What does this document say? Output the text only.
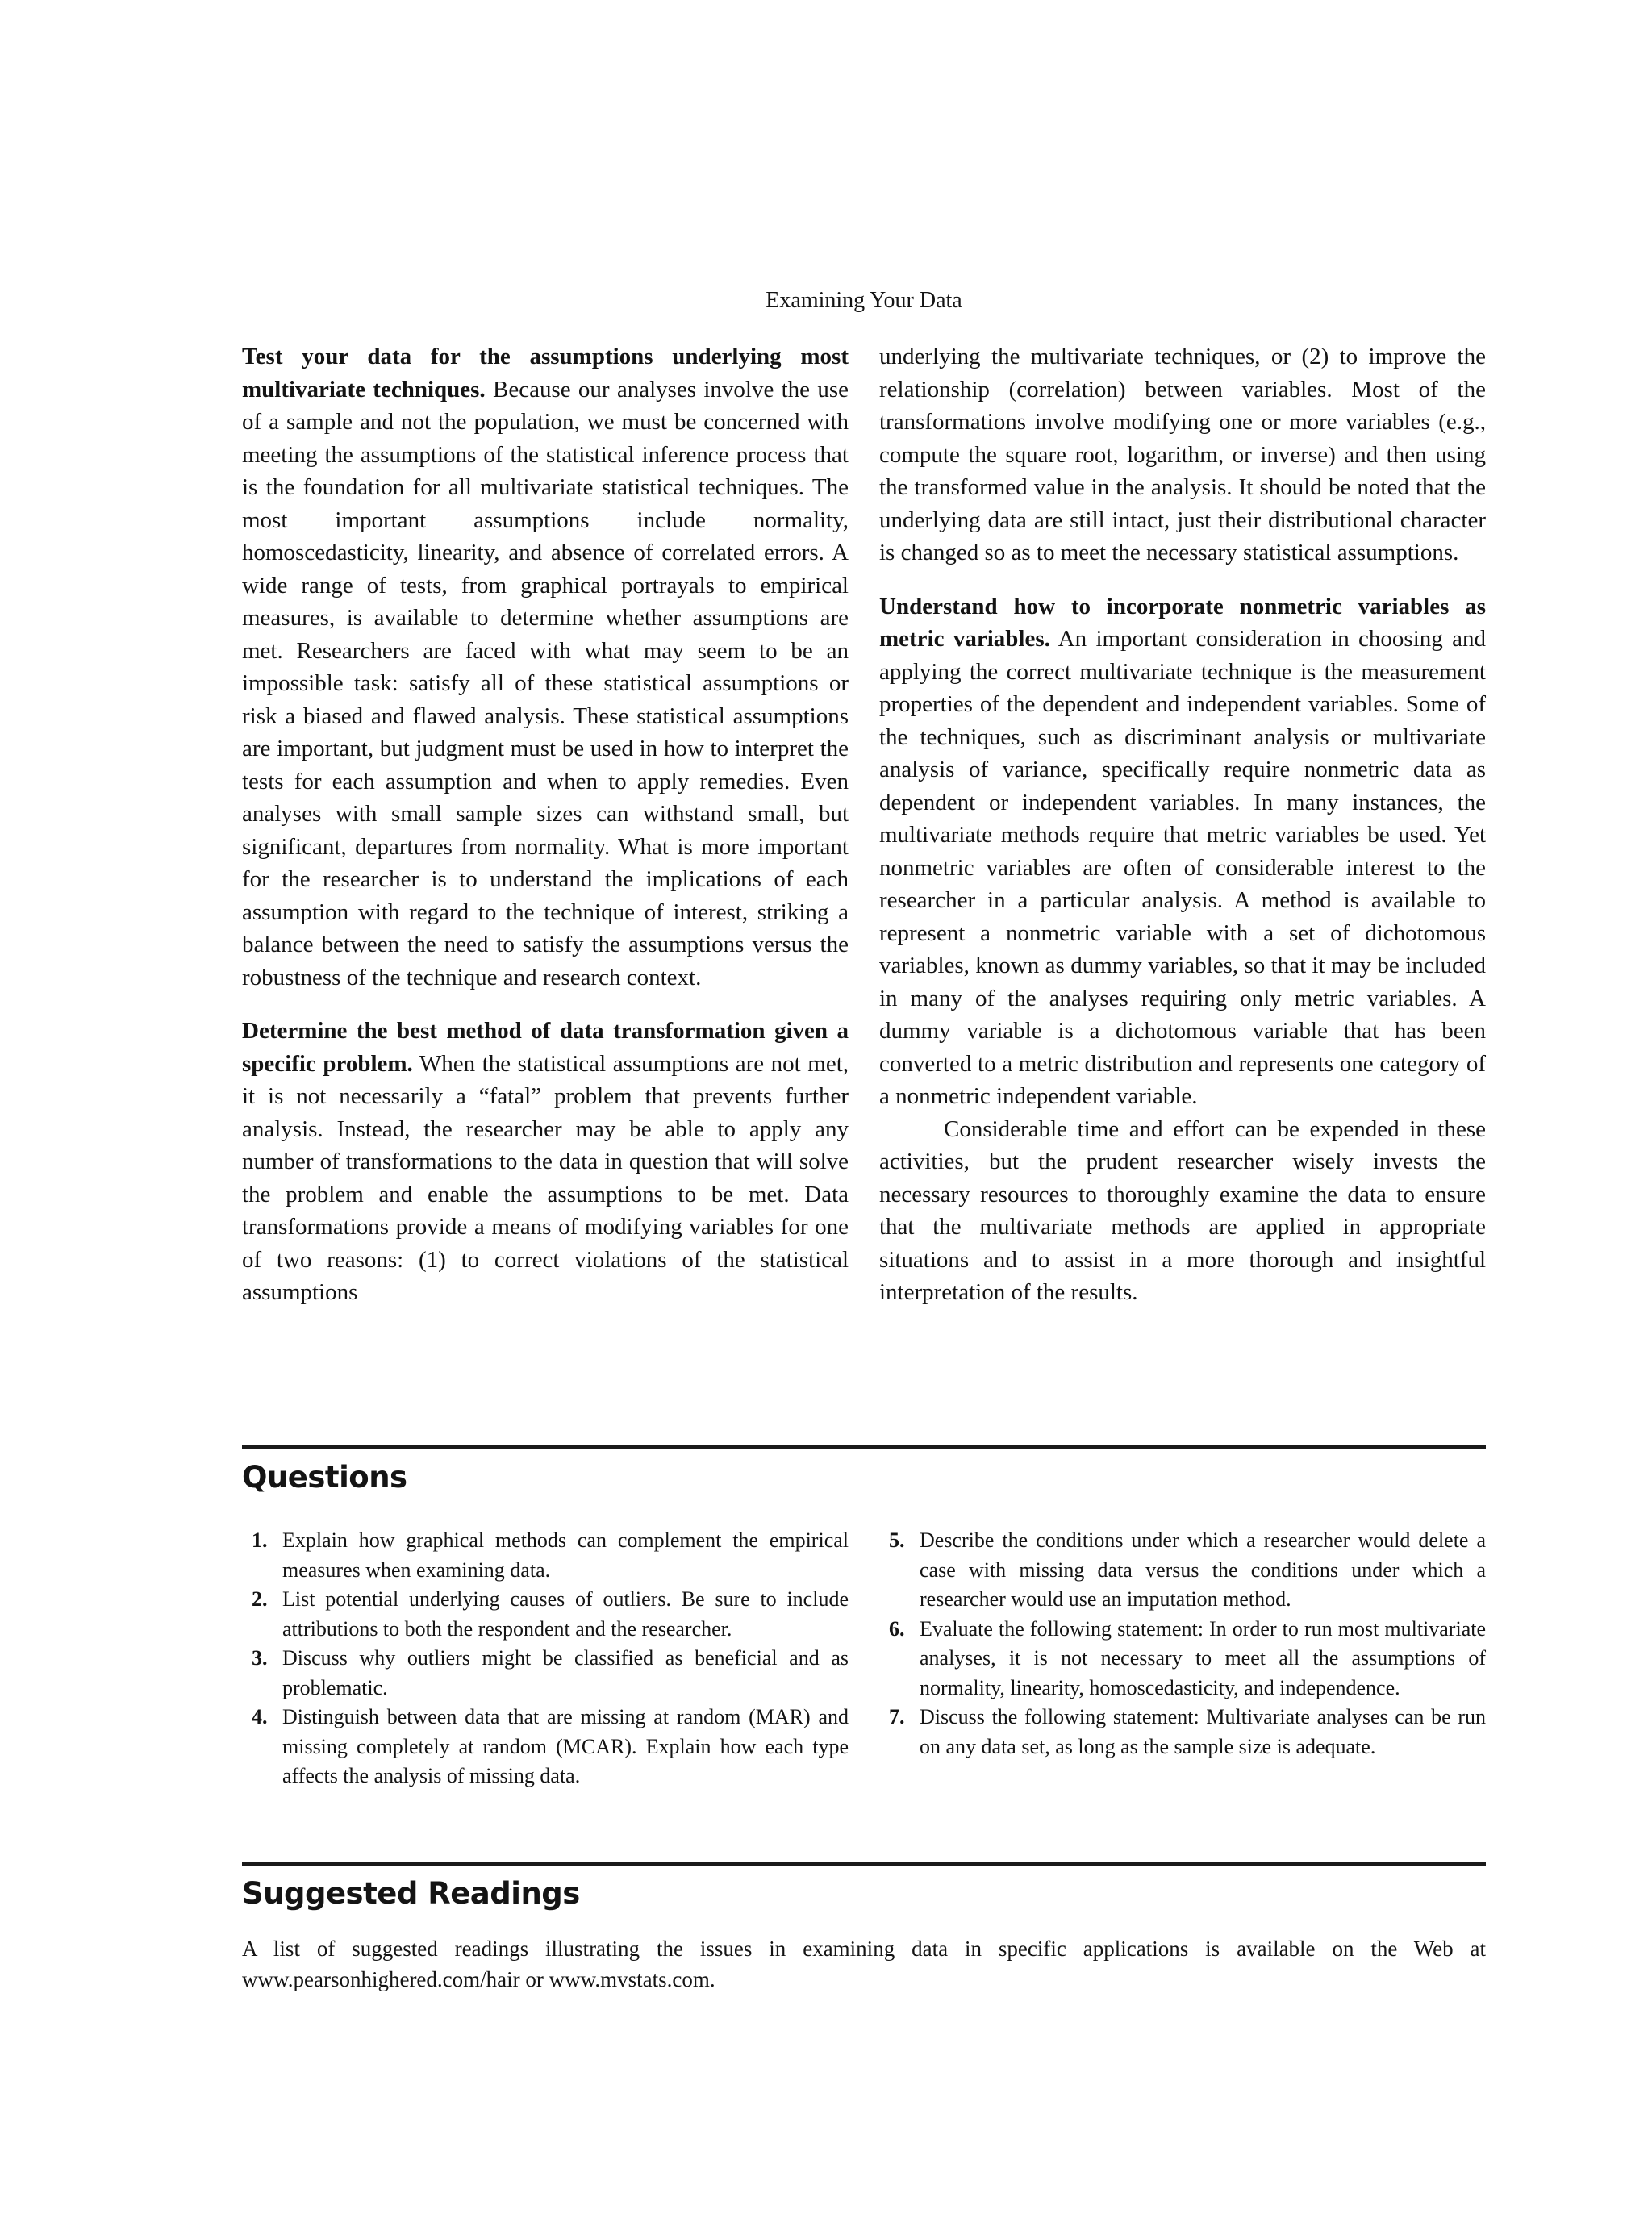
Examining Your Data

Test your data for the assumptions underlying most multivariate techniques. Because our analyses involve the use of a sample and not the population, we must be concerned with meeting the assumptions of the statistical inference process that is the foundation for all multivariate statistical techniques. The most important assumptions include normality, homoscedasticity, linearity, and absence of correlated errors. A wide range of tests, from graphical portrayals to empirical measures, is available to determine whether assumptions are met. Researchers are faced with what may seem to be an impossible task: satisfy all of these statistical assumptions or risk a biased and flawed analysis. These statistical assumptions are important, but judgment must be used in how to interpret the tests for each assumption and when to apply remedies. Even analyses with small sample sizes can withstand small, but significant, departures from normality. What is more important for the researcher is to understand the implications of each assumption with regard to the technique of interest, striking a balance between the need to satisfy the assumptions versus the robustness of the technique and research context.

Determine the best method of data transformation given a specific problem. When the statistical assumptions are not met, it is not necessarily a “fatal” problem that prevents further analysis. Instead, the researcher may be able to apply any number of transformations to the data in question that will solve the problem and enable the assumptions to be met. Data transformations provide a means of modifying variables for one of two reasons: (1) to correct violations of the statistical assumptions

underlying the multivariate techniques, or (2) to improve the relationship (correlation) between variables. Most of the transformations involve modifying one or more variables (e.g., compute the square root, logarithm, or inverse) and then using the transformed value in the analysis. It should be noted that the underlying data are still intact, just their distributional character is changed so as to meet the necessary statistical assumptions.

Understand how to incorporate nonmetric variables as metric variables. An important consideration in choosing and applying the correct multivariate technique is the measurement properties of the dependent and independent variables. Some of the techniques, such as discriminant analysis or multivariate analysis of variance, specifically require nonmetric data as dependent or independent variables. In many instances, the multivariate methods require that metric variables be used. Yet nonmetric variables are often of considerable interest to the researcher in a particular analysis. A method is available to represent a nonmetric variable with a set of dichotomous variables, known as dummy variables, so that it may be included in many of the analyses requiring only metric variables. A dummy variable is a dichotomous variable that has been converted to a metric distribution and represents one category of a nonmetric independent variable.

Considerable time and effort can be expended in these activities, but the prudent researcher wisely invests the necessary resources to thoroughly examine the data to ensure that the multivariate methods are applied in appropriate situations and to assist in a more thorough and insightful interpretation of the results.

Questions
1. Explain how graphical methods can complement the empirical measures when examining data.
2. List potential underlying causes of outliers. Be sure to include attributions to both the respondent and the researcher.
3. Discuss why outliers might be classified as beneficial and as problematic.
4. Distinguish between data that are missing at random (MAR) and missing completely at random (MCAR). Explain how each type affects the analysis of missing data.
5. Describe the conditions under which a researcher would delete a case with missing data versus the conditions under which a researcher would use an imputation method.
6. Evaluate the following statement: In order to run most multivariate analyses, it is not necessary to meet all the assumptions of normality, linearity, homoscedasticity, and independence.
7. Discuss the following statement: Multivariate analyses can be run on any data set, as long as the sample size is adequate.
Suggested Readings
A list of suggested readings illustrating the issues in examining data in specific applications is available on the Web at www.pearsonhighered.com/hair or www.mvstats.com.
